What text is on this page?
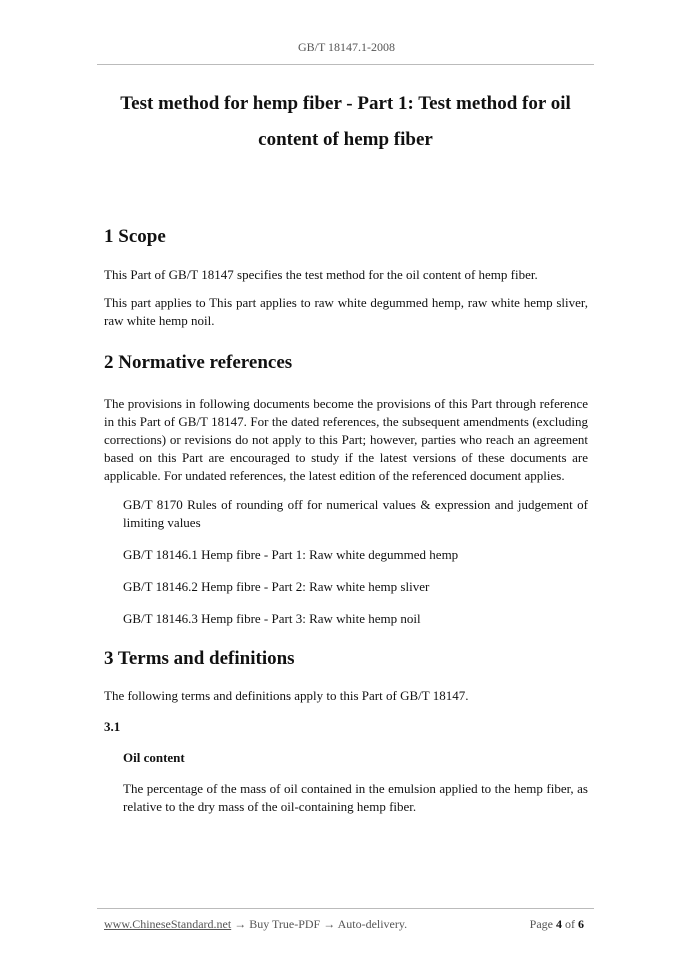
GB/T 18147.1-2008
Test method for hemp fiber - Part 1: Test method for oil
content of hemp fiber
1 Scope

This Part of GB/T 18147 specifies the test method for the oil content of hemp fiber.

This part applies to This part applies to raw white degummed hemp, raw white hemp sliver, raw white hemp noil.

2 Normative references

The provisions in following documents become the provisions of this Part through reference in this Part of GB/T 18147. For the dated references, the subsequent amendments (excluding corrections) or revisions do not apply to this Part; however, parties who reach an agreement based on this Part are encouraged to study if the latest versions of these documents are applicable. For undated references, the latest edition of the referenced document applies.

GB/T 8170 Rules of rounding off for numerical values & expression and judgement of limiting values

GB/T 18146.1 Hemp fibre - Part 1: Raw white degummed hemp

GB/T 18146.2 Hemp fibre - Part 2: Raw white hemp sliver

GB/T 18146.3 Hemp fibre - Part 3: Raw white hemp noil

3 Terms and definitions

The following terms and definitions apply to this Part of GB/T 18147.

3.1

Oil content

The percentage of the mass of oil contained in the emulsion applied to the hemp fiber, as relative to the dry mass of the oil-containing hemp fiber.

www.ChineseStandard.net → Buy True-PDF → Auto-delivery.	Page 4 of 6
